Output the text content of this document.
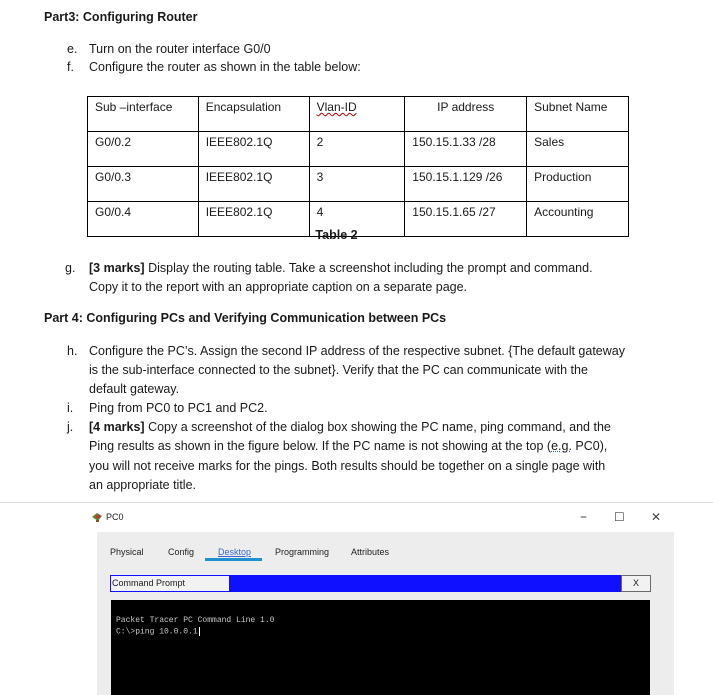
Part3: Configuring Router
e. Turn on the router interface G0/0
f. Configure the router as shown in the table below:
Sub –interface	Encapsulation	Vlan-ID	IP address	Subnet Name
G0/0.2	IEEE802.1Q	2	150.15.1.33 /28	Sales
G0/0.3	IEEE802.1Q	3	150.15.1.129 /26	Production
G0/0.4	IEEE802.1Q	4	150.15.1.65 /27	Accounting
Table 2
g. [3 marks] Display the routing table. Take a screenshot including the prompt and command.
Copy it to the report with an appropriate caption on a separate page.
Part 4: Configuring PCs and Verifying Communication between PCs
h. Configure the PC’s. Assign the second IP address of the respective subnet. {The default gateway
is the sub-interface connected to the subnet}. Verify that the PC can communicate with the
default gateway.
i. Ping from PC0 to PC1 and PC2.
j. [4 marks] Copy a screenshot of the dialog box showing the PC name, ping command, and the
Ping results as shown in the figure below. If the PC name is not showing at the top (e.g. PC0),
you will not receive marks for the pings. Both results should be together on a single page with
an appropriate title.
PC0	– ☐ ✕
Physical	Config	Desktop	Programming Attributes
Command Prompt	X
Packet Tracer PC Command Line 1.0
C:\>ping 10.0.0.1
